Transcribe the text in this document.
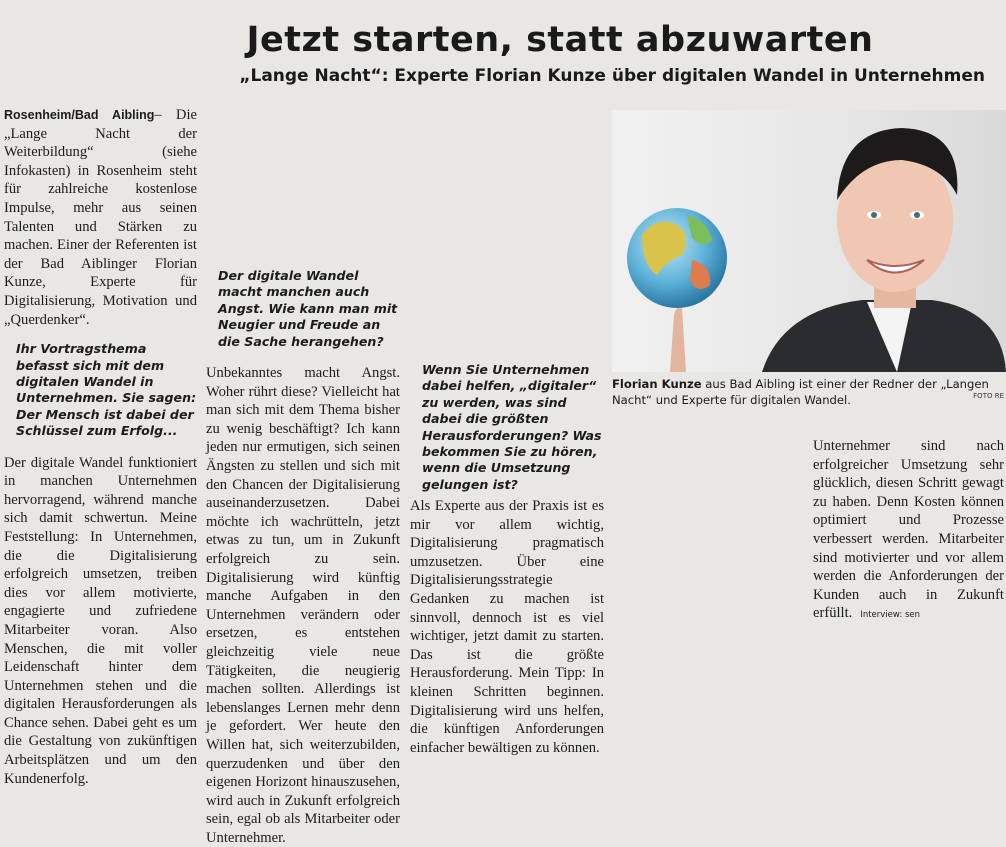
Jetzt starten, statt abzuwarten
„Lange Nacht“: Experte Florian Kunze über digitalen Wandel in Unternehmen

Rosenheim/Bad Aibling– Die „Lange Nacht der Weiterbildung“ (siehe Infokasten) in Rosenheim steht für zahlreiche kostenlose Impulse, mehr aus seinen Talenten und Stärken zu machen. Einer der Referenten ist der Bad Aiblinger Florian Kunze, Experte für Digitalisierung, Motivation und „Querdenker“.

Ihr Vortragsthema befasst sich mit dem digitalen Wandel in Unternehmen. Sie sagen: Der Mensch ist dabei der Schlüssel zum Erfolg...

Der digitale Wandel funktioniert in manchen Unternehmen hervorragend, während manche sich damit schwertun. Meine Feststellung: In Unternehmen, die die Digitalisierung erfolgreich umsetzen, treiben dies vor allem motivierte, engagierte und zufriedene Mitarbeiter voran. Also Menschen, die mit voller Leidenschaft hinter dem Unternehmen stehen und die digitalen Herausforderungen als Chance sehen. Dabei geht es um die Gestaltung von zukünftigen Arbeitsplätzen und um den Kundenerfolg.

Der digitale Wandel macht manchen auch Angst. Wie kann man mit Neugier und Freude an die Sache herangehen?

Unbekanntes macht Angst. Woher rührt diese? Vielleicht hat man sich mit dem Thema bisher zu wenig beschäftigt? Ich kann jeden nur ermutigen, sich seinen Ängsten zu stellen und sich mit den Chancen der Digitalisierung auseinanderzusetzen. Dabei möchte ich wachrütteln, jetzt etwas zu tun, um in Zukunft erfolgreich zu sein. Digitalisierung wird künftig manche Aufgaben in den Unternehmen verändern oder ersetzen, es entstehen gleichzeitig viele neue Tätigkeiten, die neugierig machen sollten. Allerdings ist lebenslanges Lernen mehr denn je gefordert. Wer heute den Willen hat, sich weiterzubilden, querzudenken und über den eigenen Horizont hinauszusehen, wird auch in Zukunft erfolgreich sein, egal ob als Mitarbeiter oder Unternehmer.

Wenn Sie Unternehmen dabei helfen, „digitaler“ zu werden, was sind dabei die größten Herausforderungen? Was bekommen Sie zu hören, wenn die Umsetzung gelungen ist?

Als Experte aus der Praxis ist es mir vor allem wichtig, Digitalisierung pragmatisch umzusetzen. Über eine Digitalisierungsstrategie Gedanken zu machen ist sinnvoll, dennoch ist es viel wichtiger, jetzt damit zu starten. Das ist die größte Herausforderung. Mein Tipp: In kleinen Schritten beginnen. Digitalisierung wird uns helfen, die künftigen Anforderungen einfacher bewältigen zu können.

Florian Kunze aus Bad Aibling ist einer der Redner der „Langen Nacht“ und Experte für digitalen Wandel.	FOTO RE

Unternehmer sind nach erfolgreicher Umsetzung sehr glücklich, diesen Schritt gewagt zu haben. Denn Kosten können optimiert und Prozesse verbessert werden. Mitarbeiter sind motivierter und vor allem werden die Anforderungen der Kunden auch in Zukunft erfüllt. Interview: sen
